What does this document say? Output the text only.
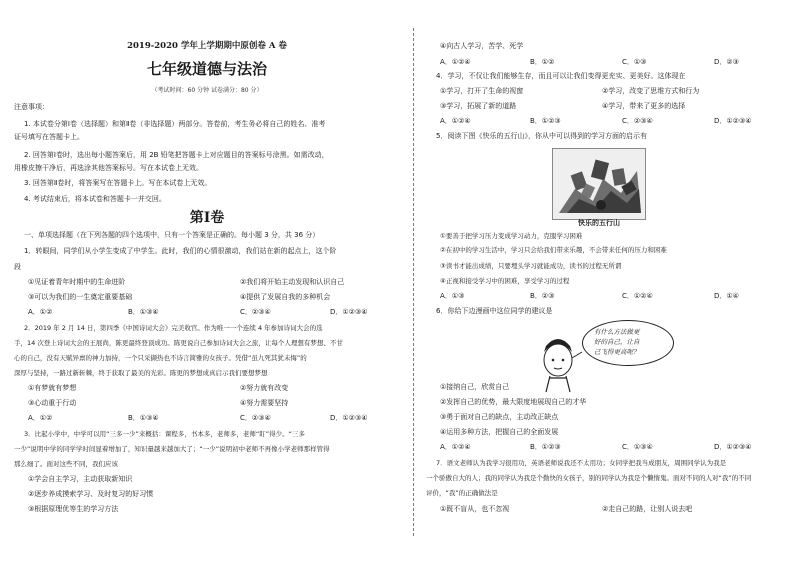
2019-2020 学年上学期期中原创卷 A 卷
七年级道德与法治
（考试时间：60 分钟 试卷满分：80 分）
注意事项：
1. 本试卷分第Ⅰ卷（选择题）和第Ⅱ卷（非选择题）两部分。答卷前，考生务必将自己的姓名、准考
证号填写在答题卡上。
2. 回答第Ⅰ卷时，选出每小题答案后，用 2B 铅笔把答题卡上对应题目的答案标号涂黑。如需改动，
用橡皮擦干净后，再选涂其他答案标号。写在本试卷上无效。
3. 回答第Ⅱ卷时，将答案写在答题卡上。写在本试卷上无效。
4. 考试结束后，将本试卷和答题卡一并交回。
第Ⅰ卷
一、单项选择题（在下列各题的四个选项中，只有一个答案是正确的。每小题 3 分，共 36 分）
1．转眼间，同学们从小学生变成了中学生。此时，我们的心情很激动，我们站在新的起点上，这个阶
段
①见证着青年时期中的生命进阶	②我们将开始主动发现和认识自己
③可以为我们的一生奠定重要基础	④提供了发展自我的多种机会
A．①②	B．①③④	C．②③④	D．①②③④
2．2019 年 2 月 14 日，第四季《中国诗词大会》完美收官。作为唯一一个连续 4 年参加诗词大会的选
手，14 次登上诗词大会的王展尚，陈更最终登顶成功。陈更说自己参加诗词大会之旅，让每个人理想有梦想、不甘
心的自己，没有天赋异禀的神力加持，一个只采撷热也不诗言简雅的女孩子。凭借“虽九死其犹未悔”的
深厚与坚持，一路过新斩棘，终于获取了最美的光彩。陈更的梦想成真启示我们要想梦想
①有梦就有梦想	②努力就有改变
③心动重于行动	④努力需要坚持
A．①②	B．①③④	C．②③④	D．①②③④
3．比起小学中，中学可以用“三多一少”来概括：课程多，书本多，老师多，老师“盯”得少。“三多
一少”说明中学的同学学时间显着增加了，知识量越来越加大了；“一少”说明初中老师不再像小学老师那样管得
那么细了。面对这些不同，我们应该
①学会自主学习，主动获取新知识
②逐步养成摸索学习、及时复习的好习惯
③根据原理优等生的学习方法
④向古人学习，苦学、死学
A．①②④	B．①②	C．①③	D．②③
4．学习，不仅让我们能够生存，而且可以让我们变得更充实、更美好。这体现在
①学习，打开了生命的视窗	②学习，改变了思维方式和行为
③学习，拓展了新的道路	④学习，带来了更多的选择
A．①②④	B．①②③	C．②③④	D．①②③④
5．阅读下图《快乐的五行山》，你从中可以得到的学习方面的启示有
快乐的五行山
①要善于把学习压力变成学习动力，克服学习困难
②在初中的学习生活中，学习只会给我们带来乐趣，不会带来任何的压力和困难
③读书才能出成绩，只要埋头学习就能成功，读书的过程无所谓
④正视和接受学习中的困难，享受学习的过程
A．①③	B．②③	C．①②④	D．①④
6．你给下边漫画中这位同学的建议是
有什么方法做更
好的自己，让自
己飞得更高呢？
①接纳自己，欣赏自己
②发挥自己的优势，最大限度地展现自己的才华
③勇于面对自己的缺点，主动改正缺点
④运用多种方法，把握自己的全面发展
A．①②④	B．①②③	C．①③④	D．①②③④
7．语文老师认为我学习很用功，英语老师说我还不太用功；女同学把我当成朋友，周围同学认为我是
一个骄傲自大的人；我的同学认为我是个勤快的女孩子，别的同学认为我是个懒惰鬼。面对不同的人对“我”的不同
评价，“我”的正确做法是
①既不盲从，也不忽视	②走自己的路，让别人说去吧
